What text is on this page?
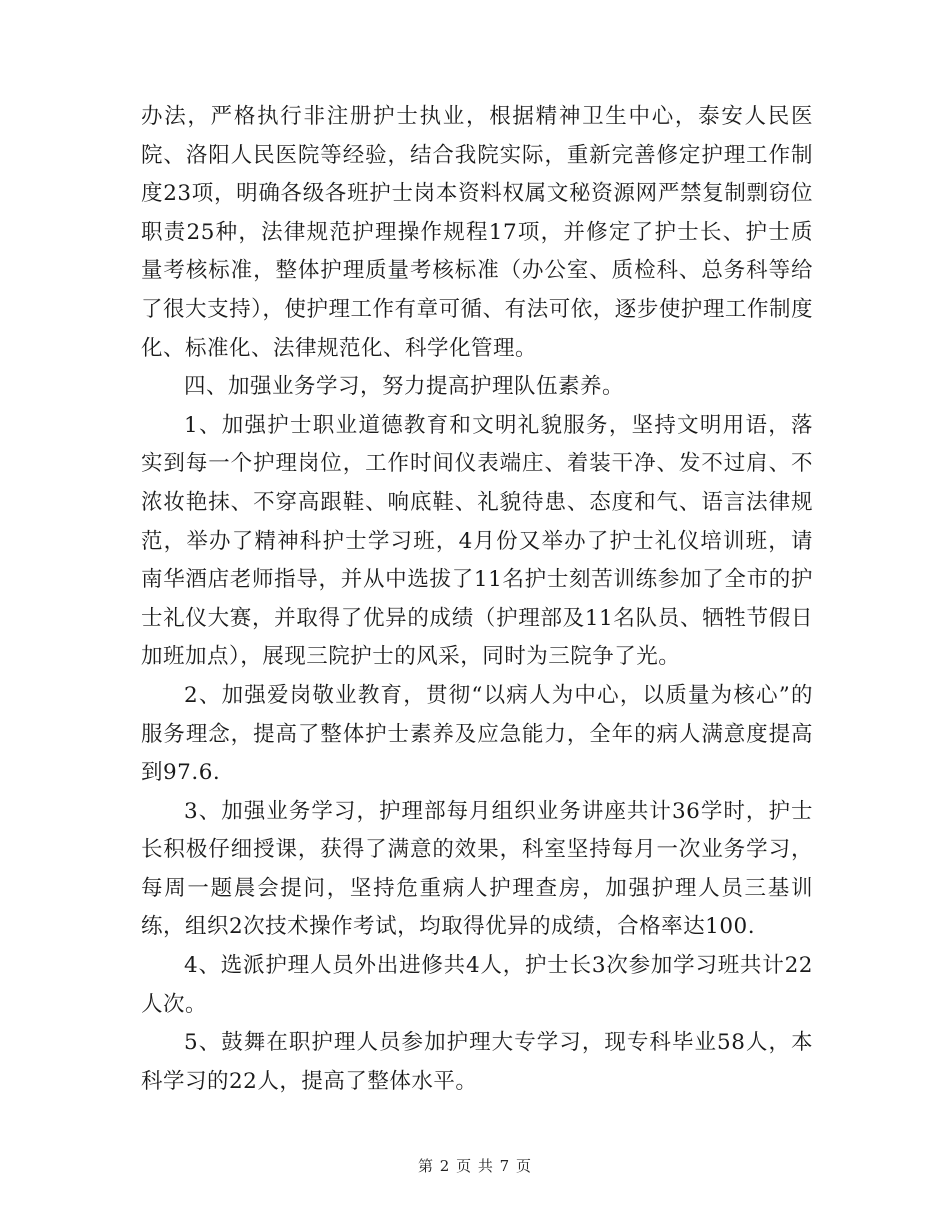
办法，严格执行非注册护士执业，根据精神卫生中心，泰安人民医院、洛阳人民医院等经验，结合我院实际，重新完善修定护理工作制度23项，明确各级各班护士岗本资料权属文秘资源网严禁复制剽窃位职责25种，法律规范护理操作规程17项，并修定了护士长、护士质量考核标准，整体护理质量考核标准（办公室、质检科、总务科等给了很大支持），使护理工作有章可循、有法可依，逐步使护理工作制度化、标准化、法律规范化、科学化管理。

四、加强业务学习，努力提高护理队伍素养。

1、加强护士职业道德教育和文明礼貌服务，坚持文明用语，落实到每一个护理岗位，工作时间仪表端庄、着装干净、发不过肩、不浓妆艳抹、不穿高跟鞋、响底鞋、礼貌待患、态度和气、语言法律规范，举办了精神科护士学习班，4月份又举办了护士礼仪培训班，请南华酒店老师指导，并从中选拔了11名护士刻苦训练参加了全市的护士礼仪大赛，并取得了优异的成绩（护理部及11名队员、牺牲节假日加班加点），展现三院护士的风采，同时为三院争了光。

2、加强爱岗敬业教育，贯彻“以病人为中心，以质量为核心”的服务理念，提高了整体护士素养及应急能力，全年的病人满意度提高到97.6.

3、加强业务学习，护理部每月组织业务讲座共计36学时，护士长积极仔细授课，获得了满意的效果，科室坚持每月一次业务学习，每周一题晨会提问，坚持危重病人护理查房，加强护理人员三基训练，组织2次技术操作考试，均取得优异的成绩，合格率达100.

4、选派护理人员外出进修共4人，护士长3次参加学习班共计22人次。

5、鼓舞在职护理人员参加护理大专学习，现专科毕业58人，本科学习的22人，提高了整体水平。

第 2 页 共 7 页
